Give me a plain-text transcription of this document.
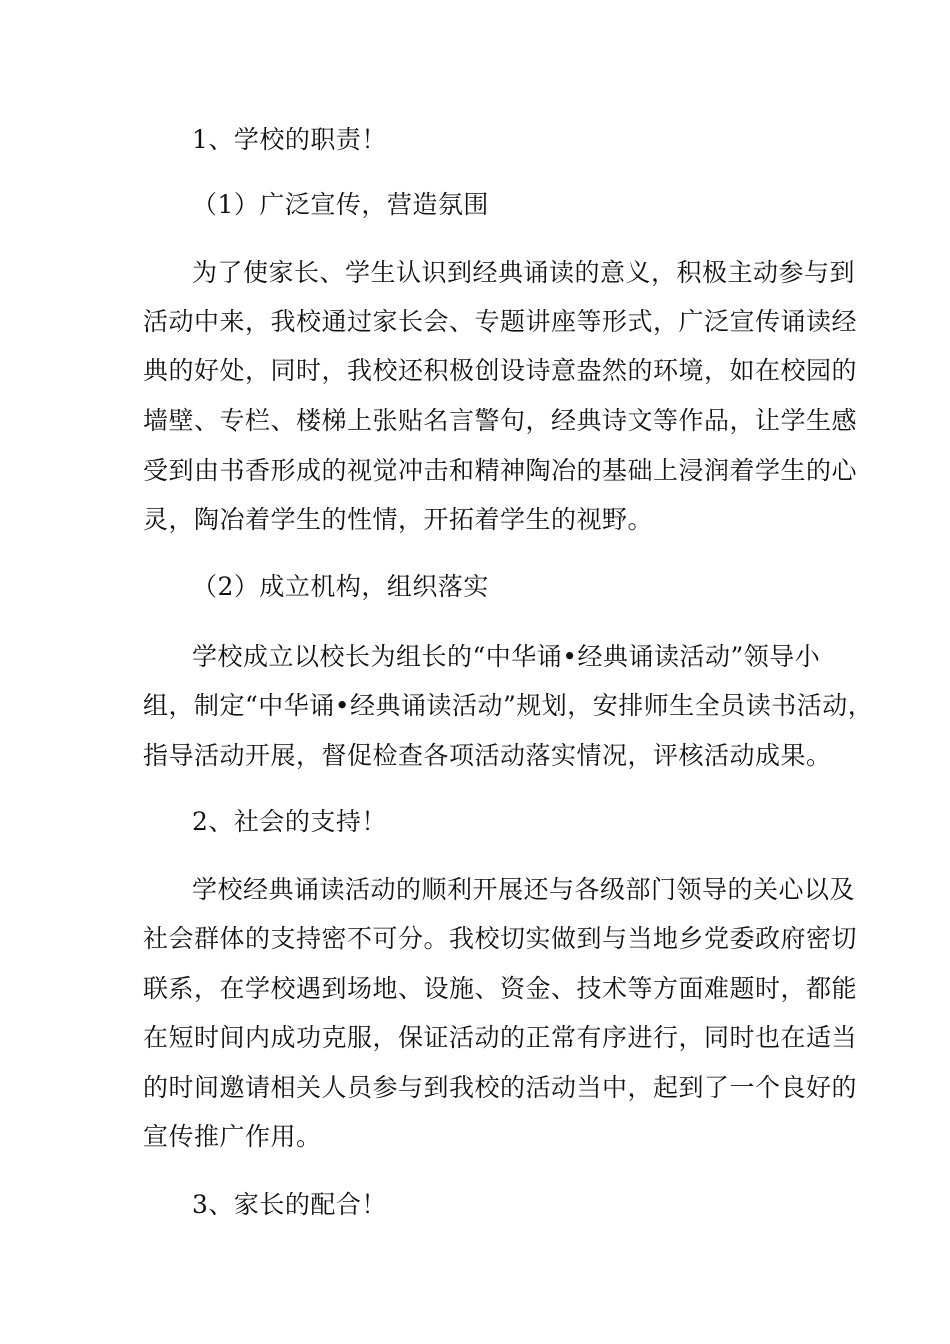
1、学校的职责！
（1）广泛宣传，营造氛围
为了使家长、学生认识到经典诵读的意义，积极主动参与到
活动中来，我校通过家长会、专题讲座等形式，广泛宣传诵读经
典的好处，同时，我校还积极创设诗意盎然的环境，如在校园的
墙壁、专栏、楼梯上张贴名言警句，经典诗文等作品，让学生感
受到由书香形成的视觉冲击和精神陶冶的基础上浸润着学生的心
灵，陶冶着学生的性情，开拓着学生的视野。
（2）成立机构，组织落实
学校成立以校长为组长的“中华诵•经典诵读活动”领导小
组，制定“中华诵•经典诵读活动”规划，安排师生全员读书活动，
指导活动开展，督促检查各项活动落实情况，评核活动成果。
2、社会的支持！
学校经典诵读活动的顺利开展还与各级部门领导的关心以及
社会群体的支持密不可分。我校切实做到与当地乡党委政府密切
联系，在学校遇到场地、设施、资金、技术等方面难题时，都能
在短时间内成功克服，保证活动的正常有序进行，同时也在适当
的时间邀请相关人员参与到我校的活动当中，起到了一个良好的
宣传推广作用。
3、家长的配合！
